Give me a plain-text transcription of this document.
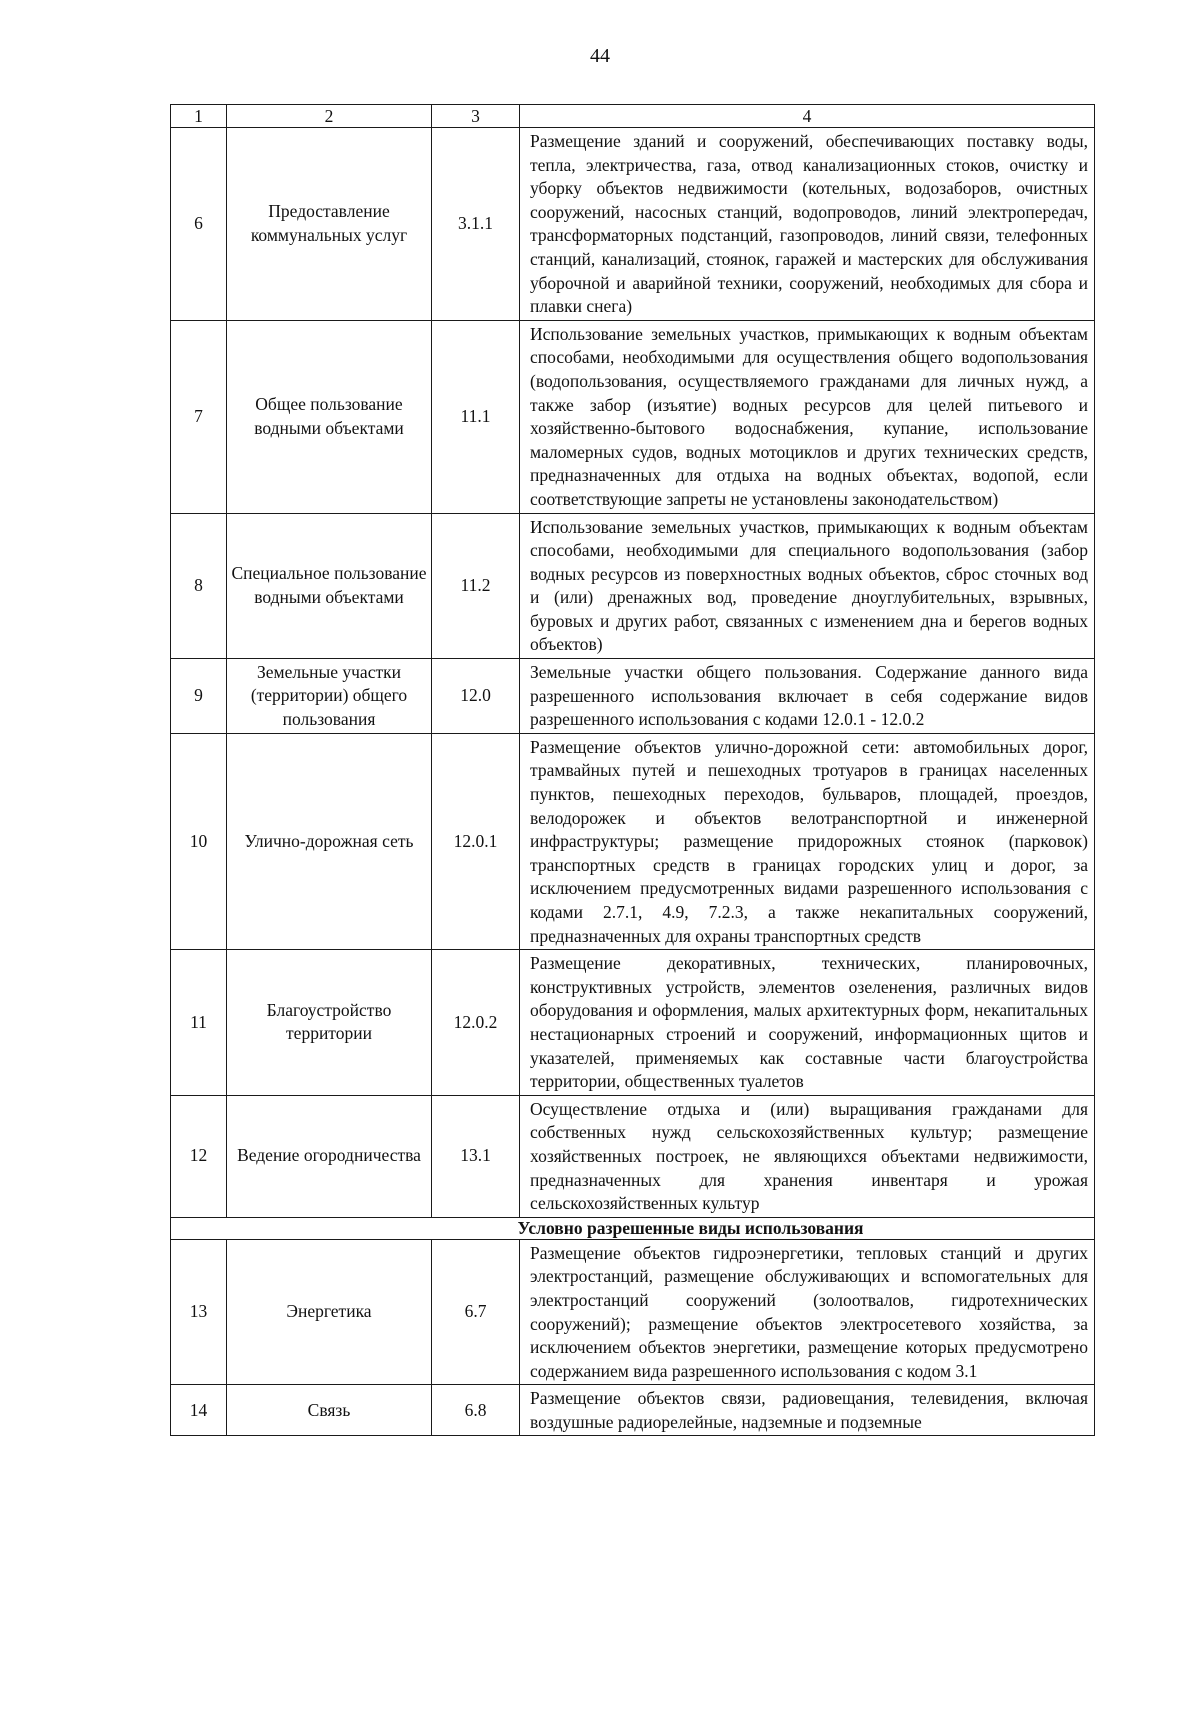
44
1	2	3	4
6	Предоставление коммунальных услуг	3.1.1	Размещение зданий и сооружений, обеспечивающих поставку воды, тепла, электричества, газа, отвод канализационных стоков, очистку и уборку объектов недвижимости (котельных, водозаборов, очистных сооружений, насосных станций, водопроводов, линий электропередач, трансформаторных подстанций, газопроводов, линий связи, телефонных станций, канализаций, стоянок, гаражей и мастерских для обслуживания уборочной и аварийной техники, сооружений, необходимых для сбора и плавки снега)
7	Общее пользование водными объектами	11.1	Использование земельных участков, примыкающих к водным объектам способами, необходимыми для осуществления общего водопользования (водопользования, осуществляемого гражданами для личных нужд, а также забор (изъятие) водных ресурсов для целей питьевого и хозяйственно-бытового водоснабжения, купание, использование маломерных судов, водных мотоциклов и других технических средств, предназначенных для отдыха на водных объектах, водопой, если соответствующие запреты не установлены законодательством)
8	Специальное пользование водными объектами	11.2	Использование земельных участков, примыкающих к водным объектам способами, необходимыми для специального водопользования (забор водных ресурсов из поверхностных водных объектов, сброс сточных вод и (или) дренажных вод, проведение дноуглубительных, взрывных, буровых и других работ, связанных с изменением дна и берегов водных объектов)
9	Земельные участки (территории) общего пользования	12.0	Земельные участки общего пользования. Содержание данного вида разрешенного использования включает в себя содержание видов разрешенного использования с кодами 12.0.1 - 12.0.2
10	Улично-дорожная сеть	12.0.1	Размещение объектов улично-дорожной сети: автомобильных дорог, трамвайных путей и пешеходных тротуаров в границах населенных пунктов, пешеходных переходов, бульваров, площадей, проездов, велодорожек и объектов велотранспортной и инженерной инфраструктуры; размещение придорожных стоянок (парковок) транспортных средств в границах городских улиц и дорог, за исключением предусмотренных видами разрешенного использования с кодами 2.7.1, 4.9, 7.2.3, а также некапитальных сооружений, предназначенных для охраны транспортных средств
11	Благоустройство территории	12.0.2	Размещение декоративных, технических, планировочных, конструктивных устройств, элементов озеленения, различных видов оборудования и оформления, малых архитектурных форм, некапитальных нестационарных строений и сооружений, информационных щитов и указателей, применяемых как составные части благоустройства территории, общественных туалетов
12	Ведение огородничества	13.1	Осуществление отдыха и (или) выращивания гражданами для собственных нужд сельскохозяйственных культур; размещение хозяйственных построек, не являющихся объектами недвижимости, предназначенных для хранения инвентаря и урожая сельскохозяйственных культур
Условно разрешенные виды использования			
13	Энергетика	6.7	Размещение объектов гидроэнергетики, тепловых станций и других электростанций, размещение обслуживающих и вспомогательных для электростанций сооружений (золоотвалов, гидротехнических сооружений); размещение объектов электросетевого хозяйства, за исключением объектов энергетики, размещение которых предусмотрено содержанием вида разрешенного использования с кодом 3.1
14	Связь	6.8	Размещение объектов связи, радиовещания, телевидения, включая воздушные радиорелейные, надземные и подземные
